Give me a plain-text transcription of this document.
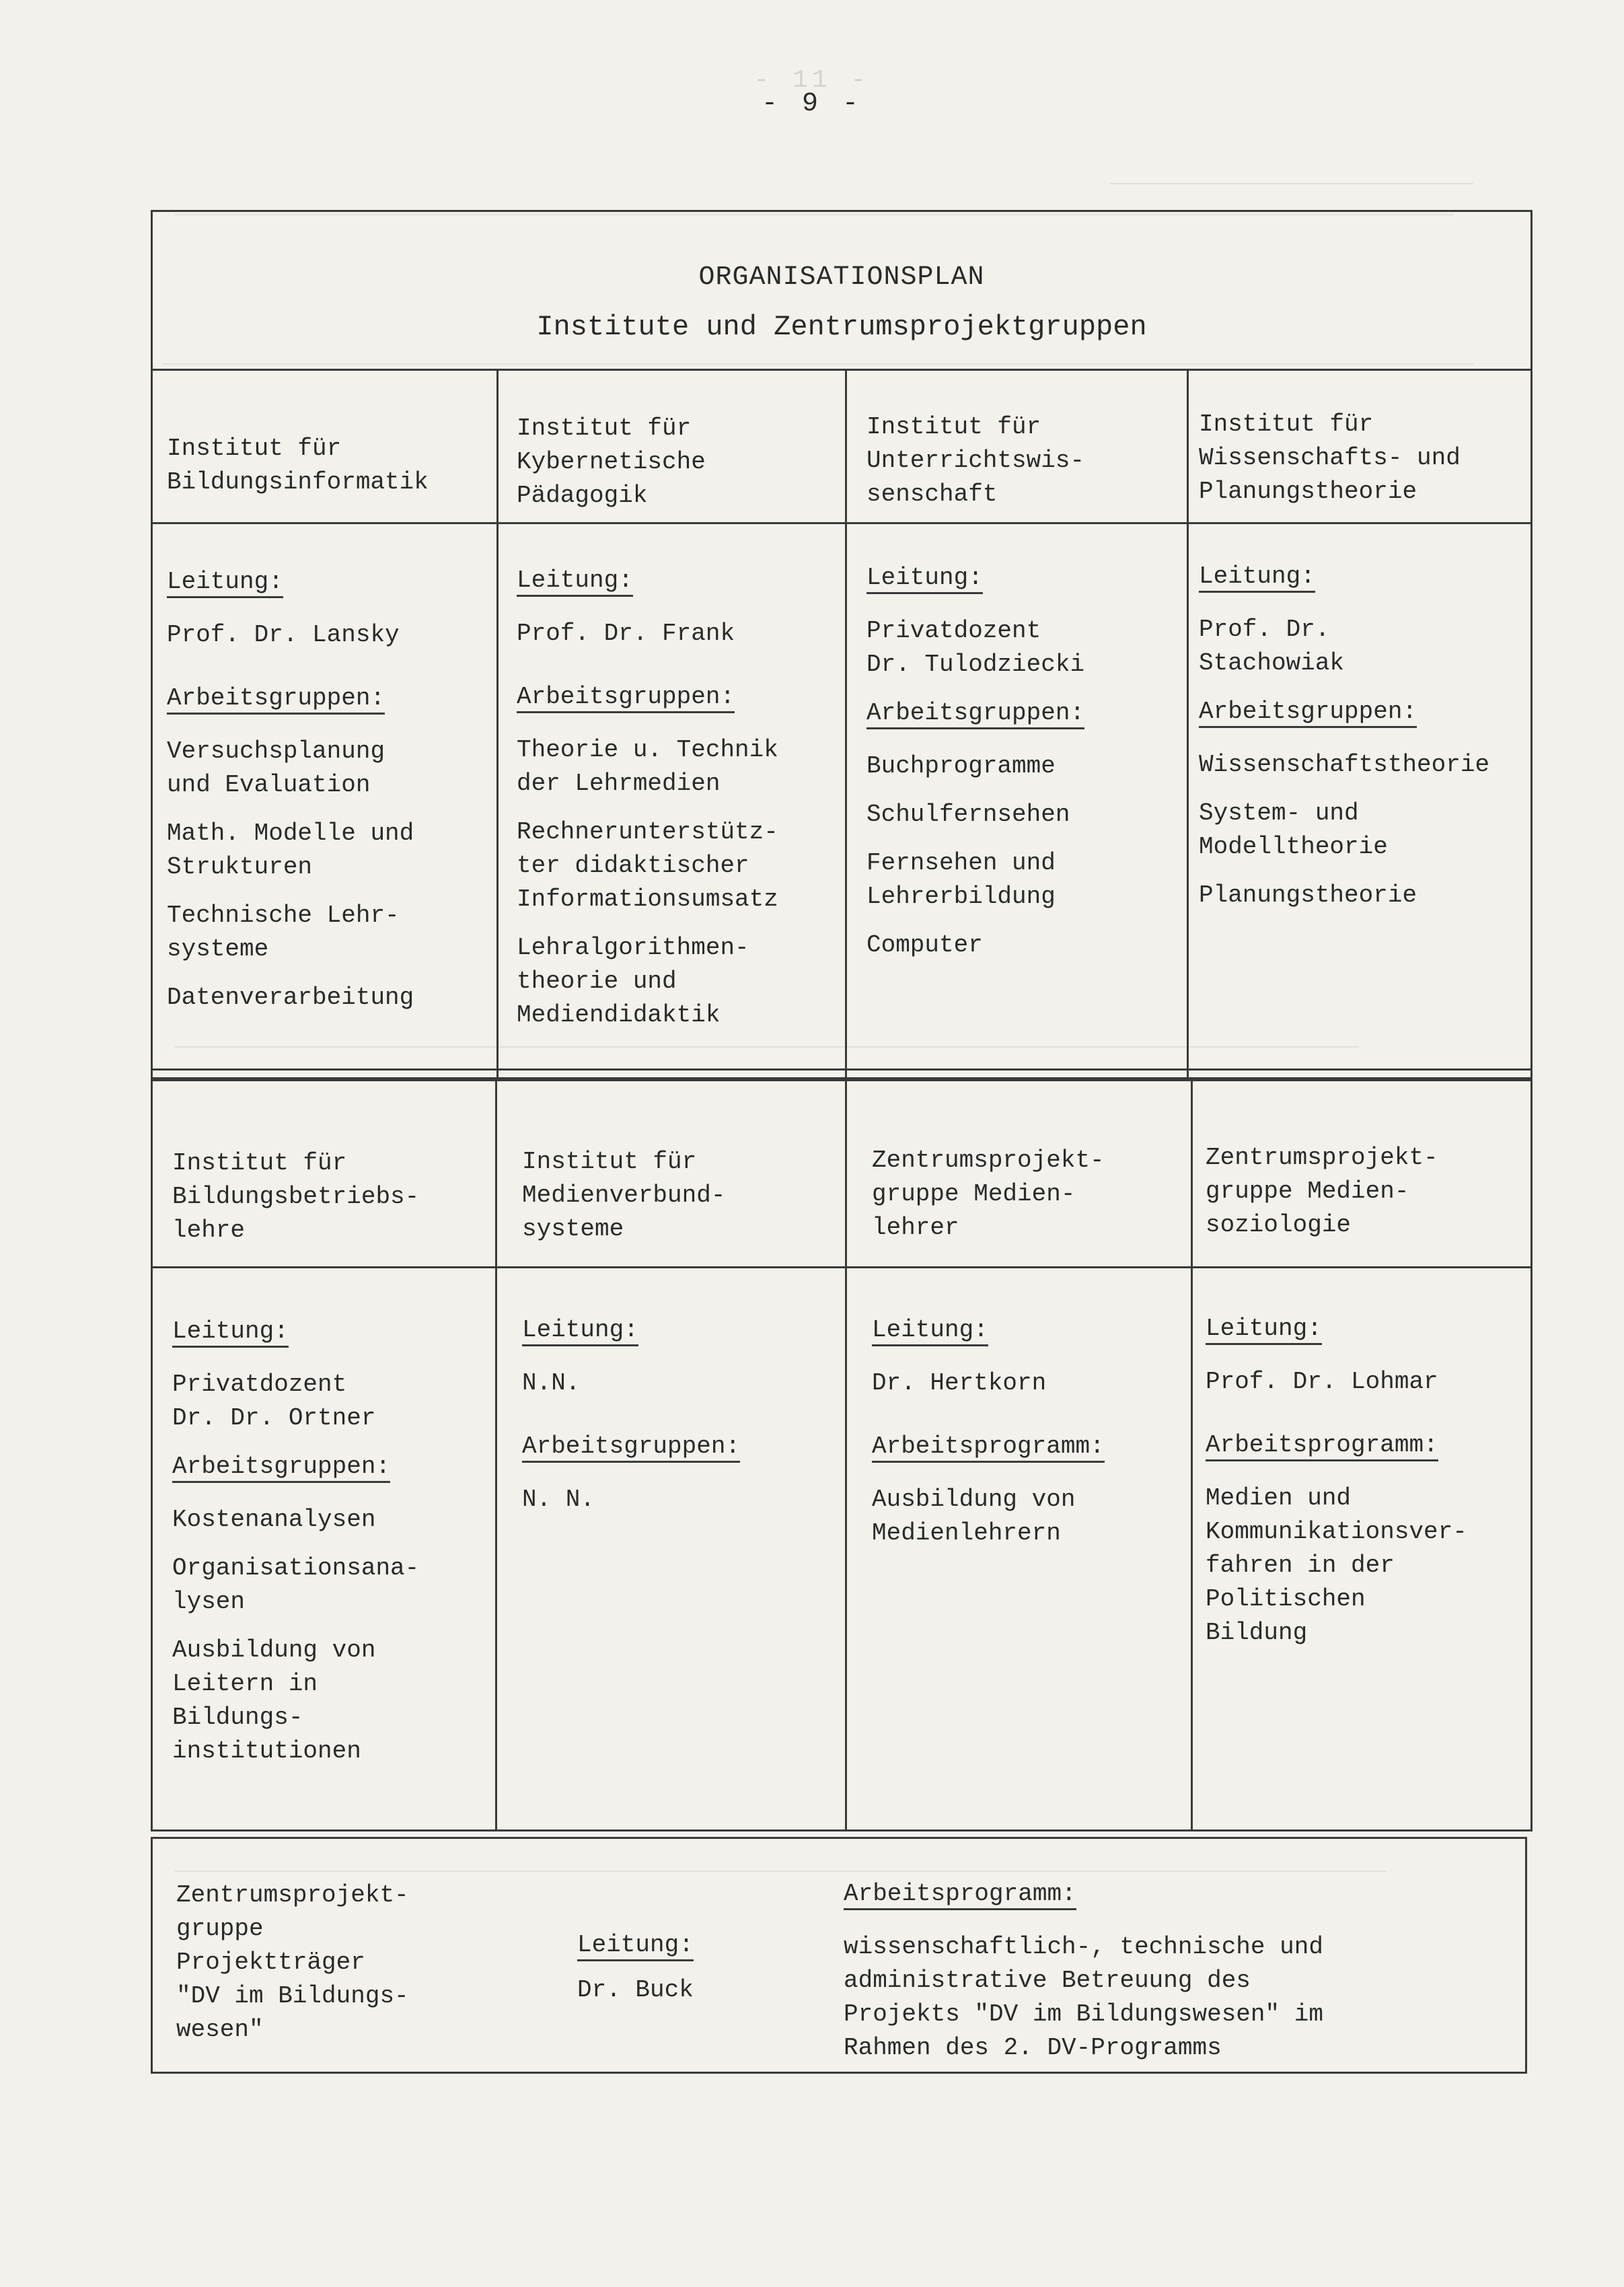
- 11 -
- 9 -
ORGANISATIONSPLAN
Institute und Zentrumsprojektgruppen
Institut für
Bildungsinformatik
Institut für
Kybernetische
Pädagogik
Institut für
Unterrichtswis-
senschaft
Institut für
Wissenschafts- und
Planungstheorie
Leitung:
Prof. Dr. Lansky
Arbeitsgruppen:
Versuchsplanung
und Evaluation
Math. Modelle und
Strukturen
Technische Lehr-
systeme
Datenverarbeitung
Leitung:
Prof. Dr. Frank
Arbeitsgruppen:
Theorie u. Technik
der Lehrmedien
Rechnerunterstütz-
ter didaktischer
Informationsumsatz
Lehralgorithmen-
theorie und
Mediendidaktik
Leitung:
Privatdozent
Dr. Tulodziecki
Arbeitsgruppen:
Buchprogramme
Schulfernsehen
Fernsehen und
Lehrerbildung
Computer
Leitung:
Prof. Dr.
Stachowiak
Arbeitsgruppen:
Wissenschaftstheorie
System- und
Modelltheorie
Planungstheorie
Institut für
Bildungsbetriebs-
lehre
Institut für
Medienverbund-
systeme
Zentrumsprojekt-
gruppe Medien-
lehrer
Zentrumsprojekt-
gruppe Medien-
soziologie
Leitung:
Privatdozent
Dr. Dr. Ortner
Arbeitsgruppen:
Kostenanalysen
Organisationsana-
lysen
Ausbildung von
Leitern in
Bildungs-
institutionen
Leitung:
N.N.
Arbeitsgruppen:
N. N.
Leitung:
Dr. Hertkorn
Arbeitsprogramm:
Ausbildung von
Medienlehrern
Leitung:
Prof. Dr. Lohmar
Arbeitsprogramm:
Medien und
Kommunikationsver-
fahren in der
Politischen
Bildung
Zentrumsprojekt-
gruppe
Projektträger
"DV im Bildungs-
wesen"
Leitung:
Dr. Buck
Arbeitsprogramm:
wissenschaftlich-, technische und
administrative Betreuung des
Projekts "DV im Bildungswesen" im
Rahmen des 2. DV-Programms
